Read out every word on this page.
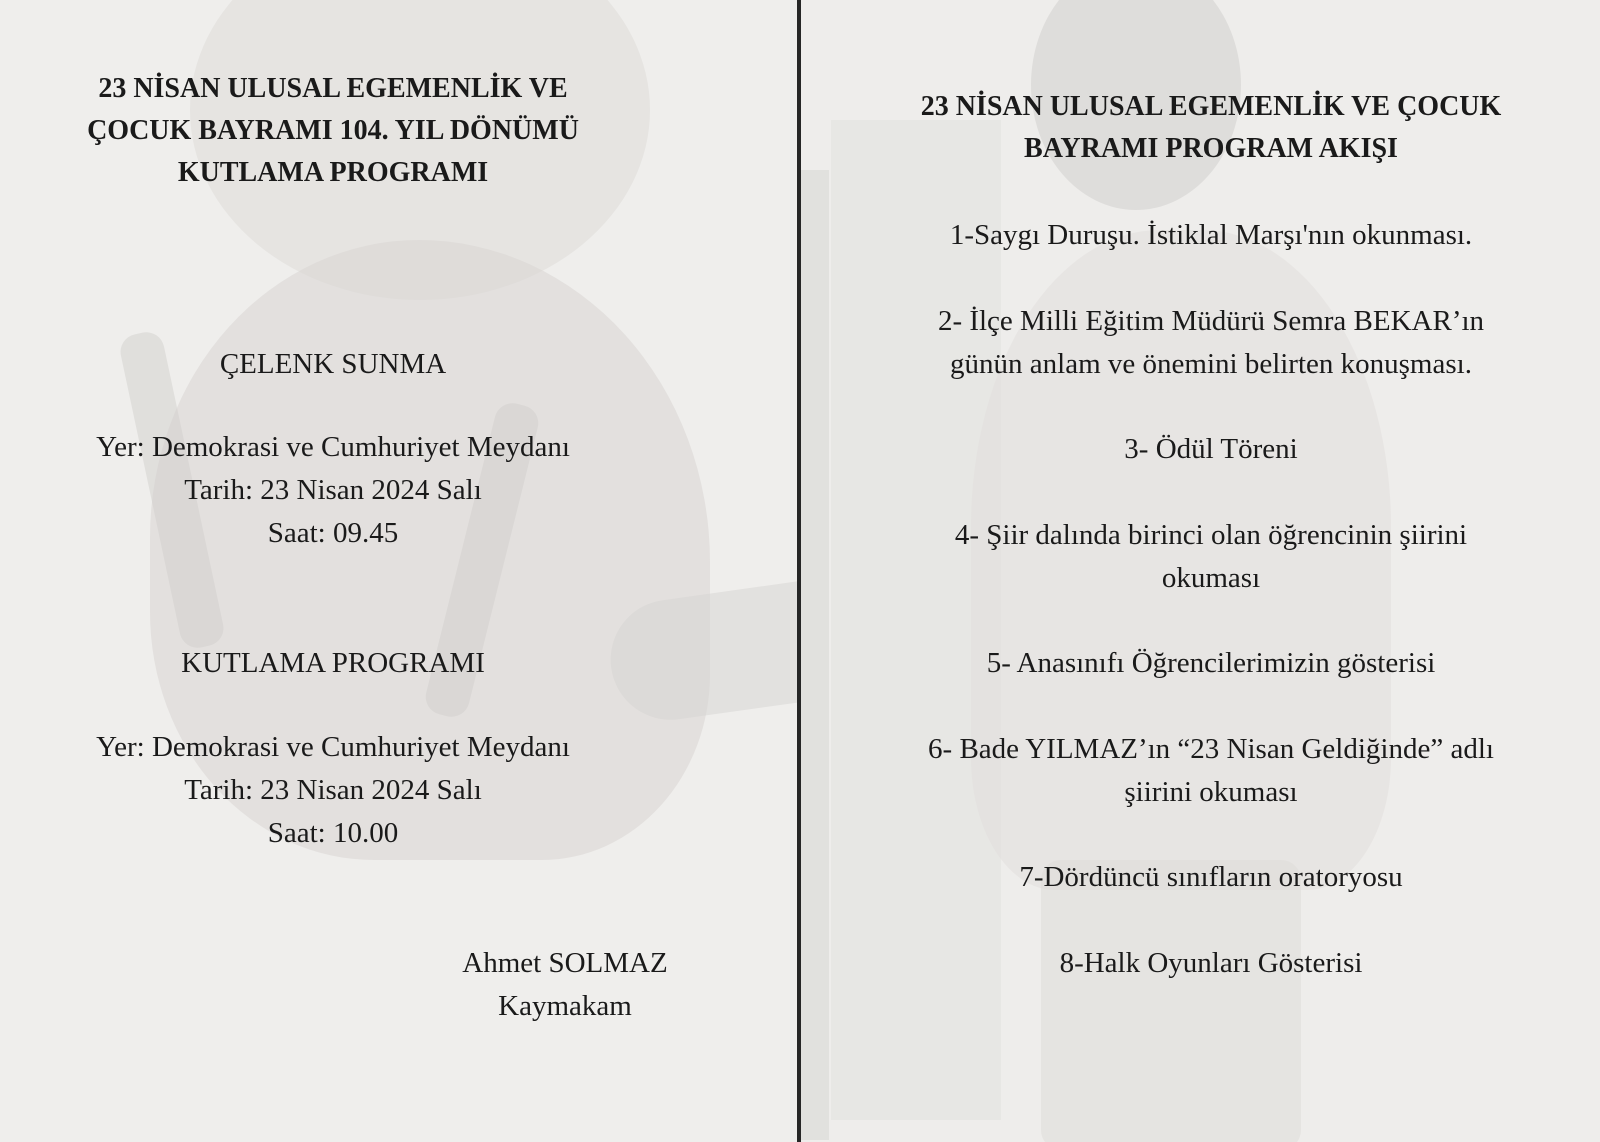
23 NİSAN ULUSAL EGEMENLİK VE
ÇOCUK BAYRAMI 104. YIL DÖNÜMÜ
KUTLAMA PROGRAMI
ÇELENK SUNMA
Yer: Demokrasi ve Cumhuriyet Meydanı
Tarih: 23 Nisan 2024 Salı
Saat: 09.45
KUTLAMA PROGRAMI
Yer: Demokrasi ve Cumhuriyet Meydanı
Tarih: 23 Nisan 2024 Salı
Saat: 10.00
Ahmet SOLMAZ
Kaymakam
23 NİSAN ULUSAL EGEMENLİK VE ÇOCUK
BAYRAMI PROGRAM AKIŞI
1-Saygı Duruşu. İstiklal Marşı'nın okunması.
2- İlçe Milli Eğitim Müdürü Semra BEKAR’ın
günün anlam ve önemini belirten konuşması.
3- Ödül Töreni
4- Şiir dalında birinci olan öğrencinin şiirini
okuması
5- Anasınıfı Öğrencilerimizin gösterisi
6- Bade YILMAZ’ın “23 Nisan Geldiğinde” adlı
şiirini okuması
7-Dördüncü sınıfların oratoryosu
8-Halk Oyunları Gösterisi
